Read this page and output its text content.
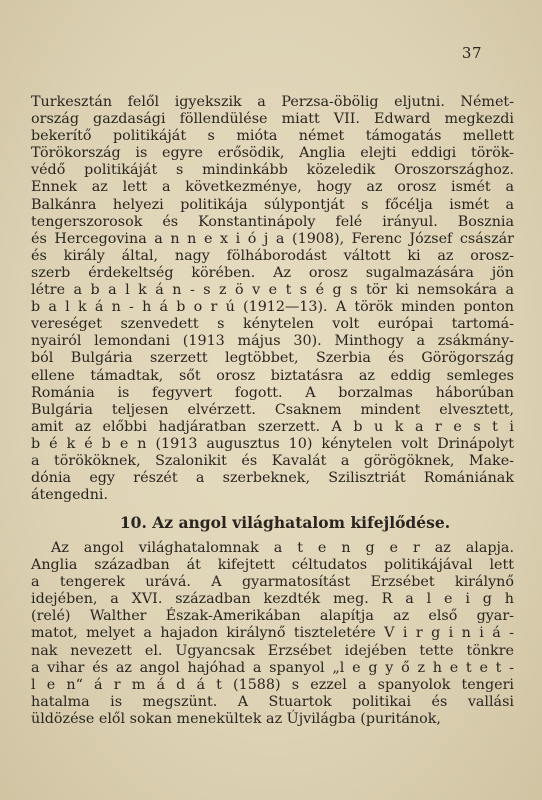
37
Turkesztán felől igyekszik a Perzsa-öbölig eljutni. Német-
ország gazdasági föllendülése miatt VII. Edward megkezdi
bekerítő politikáját s mióta német támogatás mellett
Törökország is egyre erősödik, Anglia elejti eddigi török-
védő politikáját s mindinkább közeledik Oroszországhoz.
Ennek az lett a következménye, hogy az orosz ismét a
Balkánra helyezi politikája súlypontját s főcélja ismét a
tengerszorosok és Konstantinápoly felé irányul. Bosznia
és Hercegovina a n n e x i ó j a (1908), Ferenc József császár
és király által, nagy fölháborodást váltott ki az orosz-
szerb érdekeltség körében. Az orosz sugalmazására jön
létre a b a l k á n - s z ö v e t s é g s tör ki nemsokára a
b a l k á n - h á b o r ú (1912—13). A török minden ponton
vereséget szenvedett s kénytelen volt európai tartomá-
nyairól lemondani (1913 május 30). Minthogy a zsákmány-
ból Bulgária szerzett legtöbbet, Szerbia és Görögország
ellene támadtak, sőt orosz biztatásra az eddig semleges
Románia is fegyvert fogott. A borzalmas háborúban
Bulgária teljesen elvérzett. Csaknem mindent elvesztett,
amit az előbbi hadjáratban szerzett. A b u k a r e s t i
b é k é b e n (1913 augusztus 10) kénytelen volt Drinápolyt
a törököknek, Szalonikit és Kavalát a görögöknek, Make-
dónia egy részét a szerbeknek, Szilisztriát Romániának
átengedni.
10. Az angol világhatalom kifejlődése.
Az angol világhatalomnak a t e n g e r az alapja.
Anglia században át kifejtett céltudatos politikájával lett
a tengerek urává. A gyarmatosítást Erzsébet királynő
idejében, a XVI. században kezdték meg. R a l e i g h
(relé) Walther Észak-Amerikában alapítja az első gyar-
matot, melyet a hajadon királynő tiszteletére V i r g i n i á -
nak nevezett el. Ugyancsak Erzsébet idejében tette tönkre
a vihar és az angol hajóhad a spanyol „l e g y ő z h e t e t -
l e n“ á r m á d á t (1588) s ezzel a spanyolok tengeri
hatalma is megszünt. A Stuartok politikai és vallási
üldözése elől sokan menekültek az Újvilágba (puritánok,
